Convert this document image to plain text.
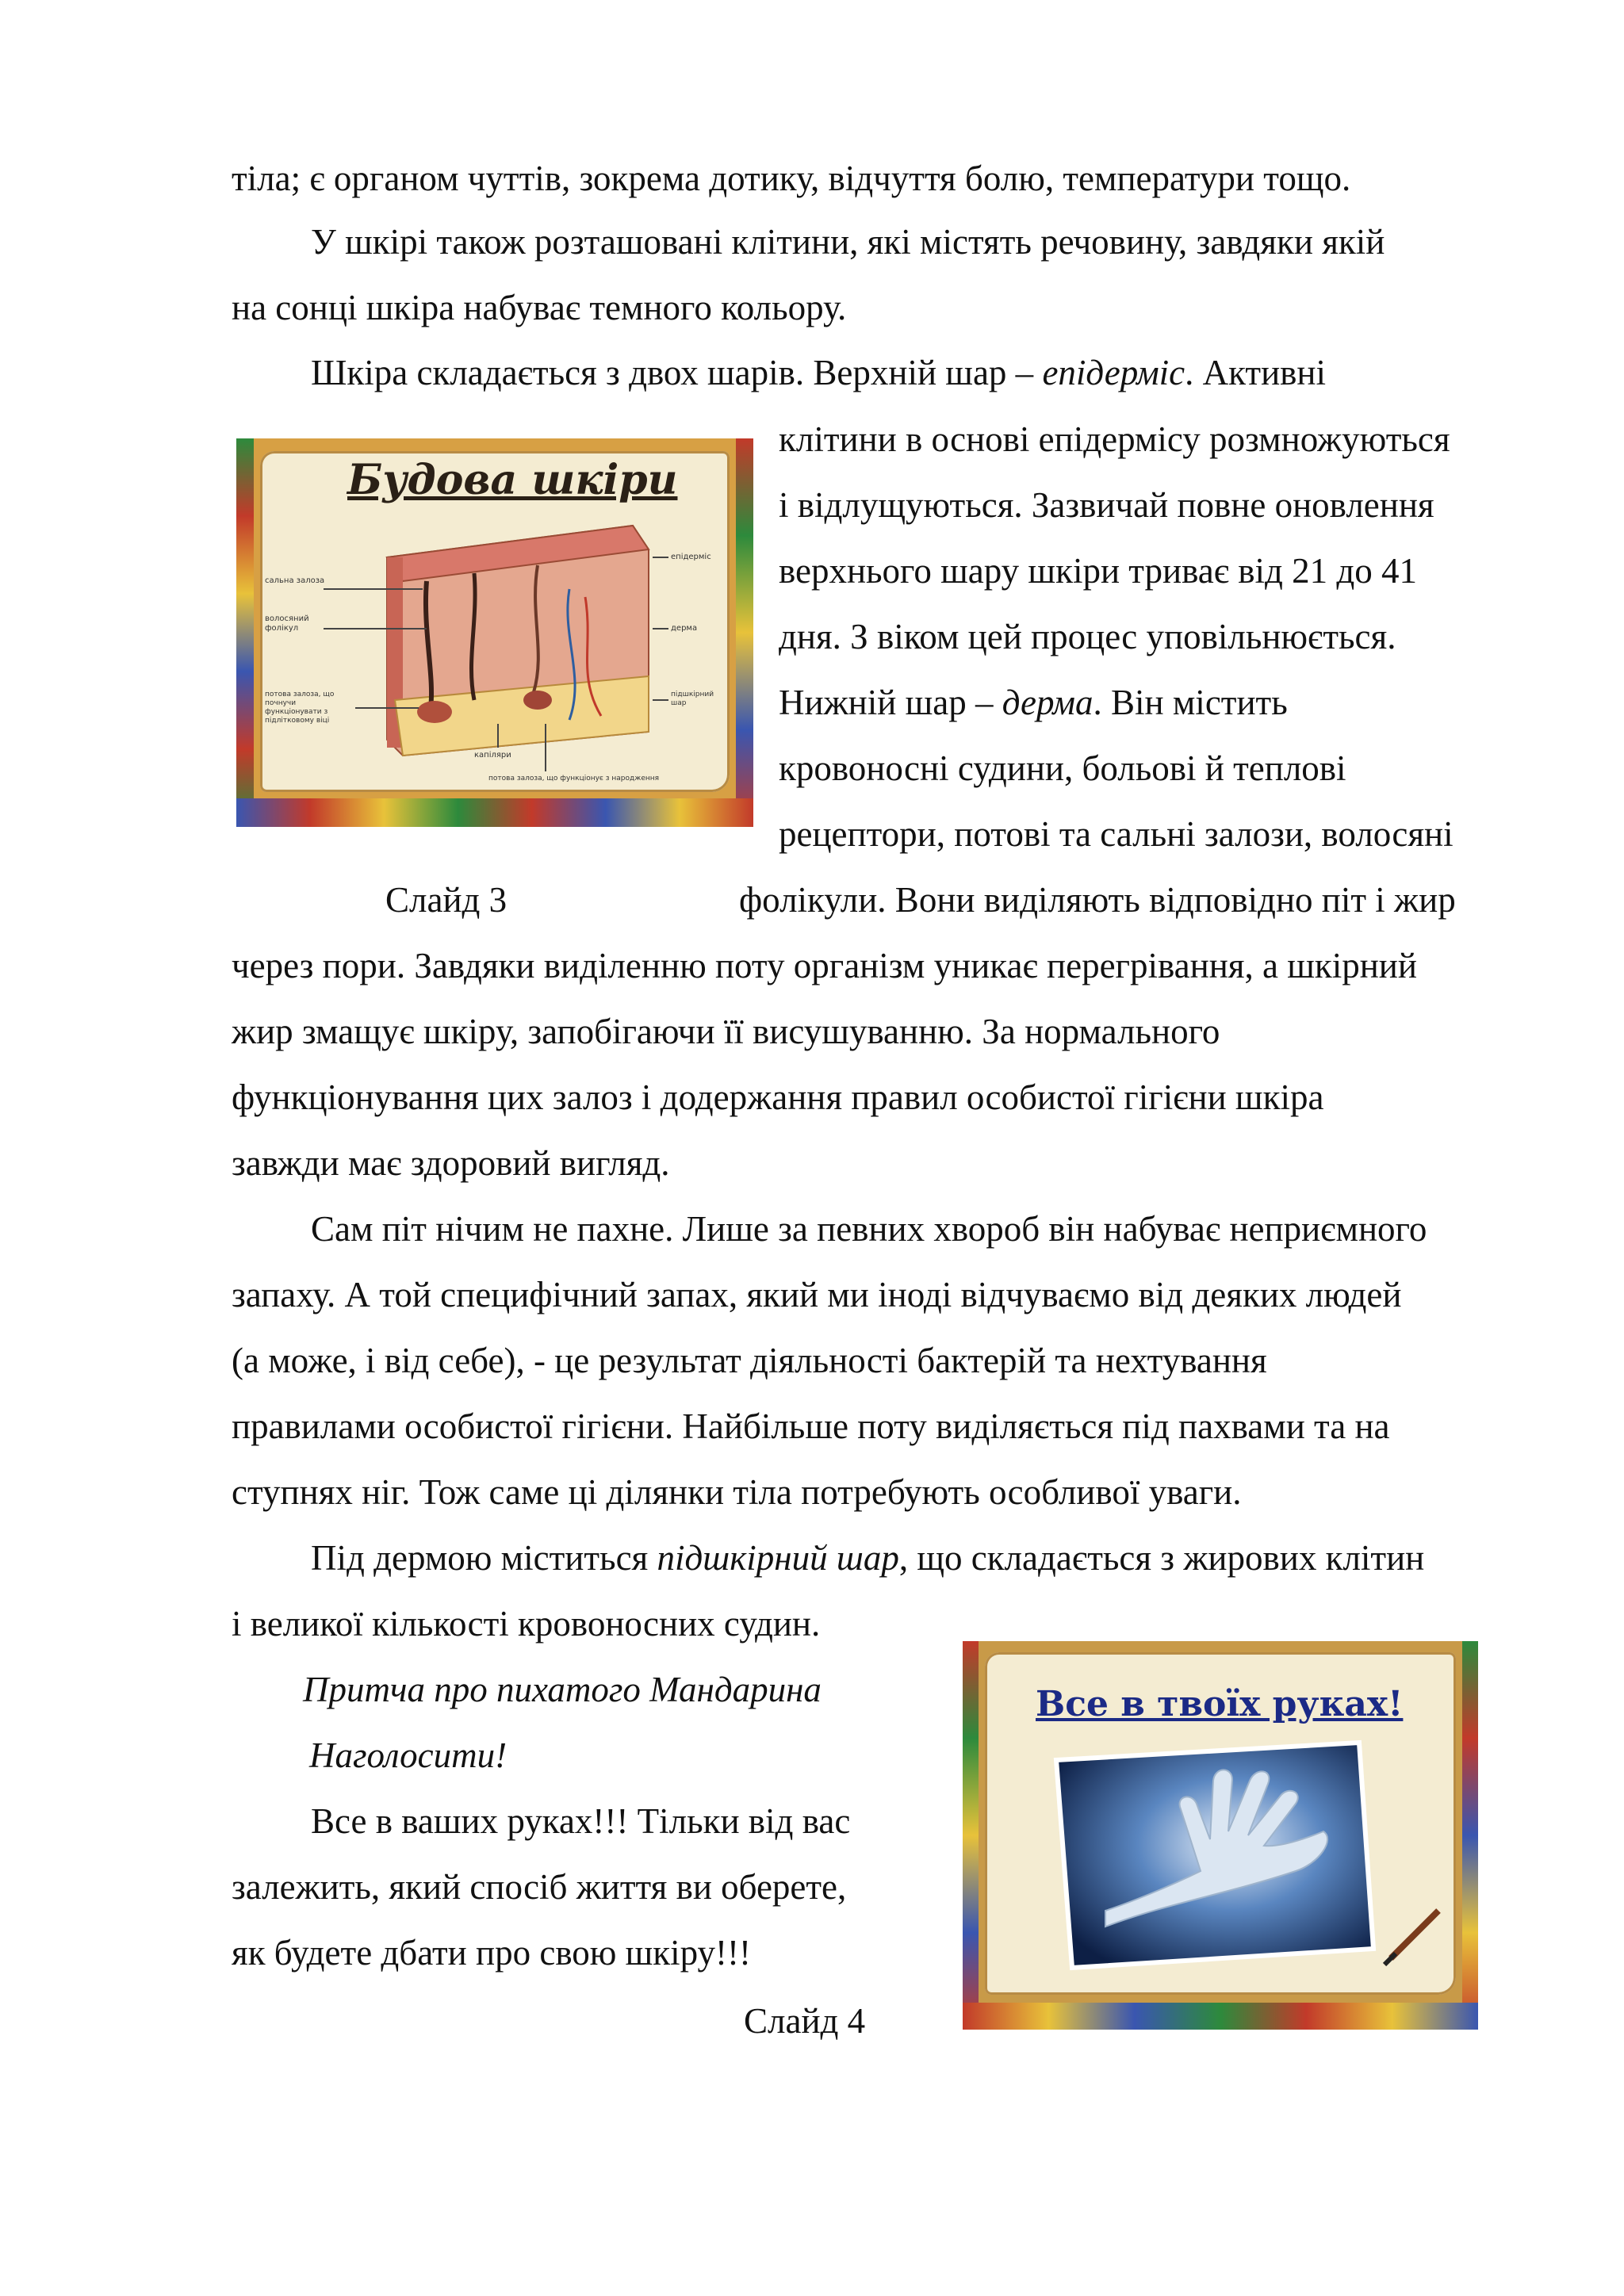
тіла; є органом чуттів, зокрема дотику, відчуття болю, температури тощо.
У шкірі також розташовані клітини, які містять речовину, завдяки якій
на сонці шкіра набуває темного кольору.
Шкіра складається з двох шарів. Верхній шар – епідерміс. Активні
клітини в основі епідермісу розмножуються
і відлущуються. Зазвичай повне оновлення
верхнього шару шкіри триває від 21 до 41
дня. З віком цей процес уповільнюється.
Нижній шар – дерма. Він містить
кровоносні судини, больові й теплові
рецептори, потові та сальні залози, волосяні
Слайд 3	фолікули. Вони виділяють відповідно піт і жир
через пори. Завдяки виділенню поту організм уникає перегрівання, а шкірний
жир змащує шкіру, запобігаючи її висушуванню. За нормального
функціонування цих залоз і додержання правил особистої гігієни шкіра
завжди має здоровий вигляд.
Сам піт нічим не пахне. Лише за певних хвороб він набуває неприємного
запаху. А той специфічний запах, який ми іноді відчуваємо від деяких людей
(а може, і від себе), - це результат діяльності бактерій та нехтування
правилами особистої гігієни. Найбільше поту виділяється під пахвами та на
ступнях ніг. Тож саме ці ділянки тіла потребують особливої уваги.
Під дермою міститься підшкірний шар, що складається з жирових клітин
і великої кількості кровоносних судин.
Притча про пихатого Мандарина
Наголосити!
Все в ваших руках!!! Тільки від вас
залежить, який спосіб життя ви оберете,
як будете дбати про свою шкіру!!!
Слайд 4
Будова шкіри
сальна залоза
волосяний фолікул
потова залоза, що почнучи функціонувати з підлітковому віці
капіляри
потова залоза, що функціонує з народження
епідерміс
дерма
підшкірний шар
Все в твоїх руках!
